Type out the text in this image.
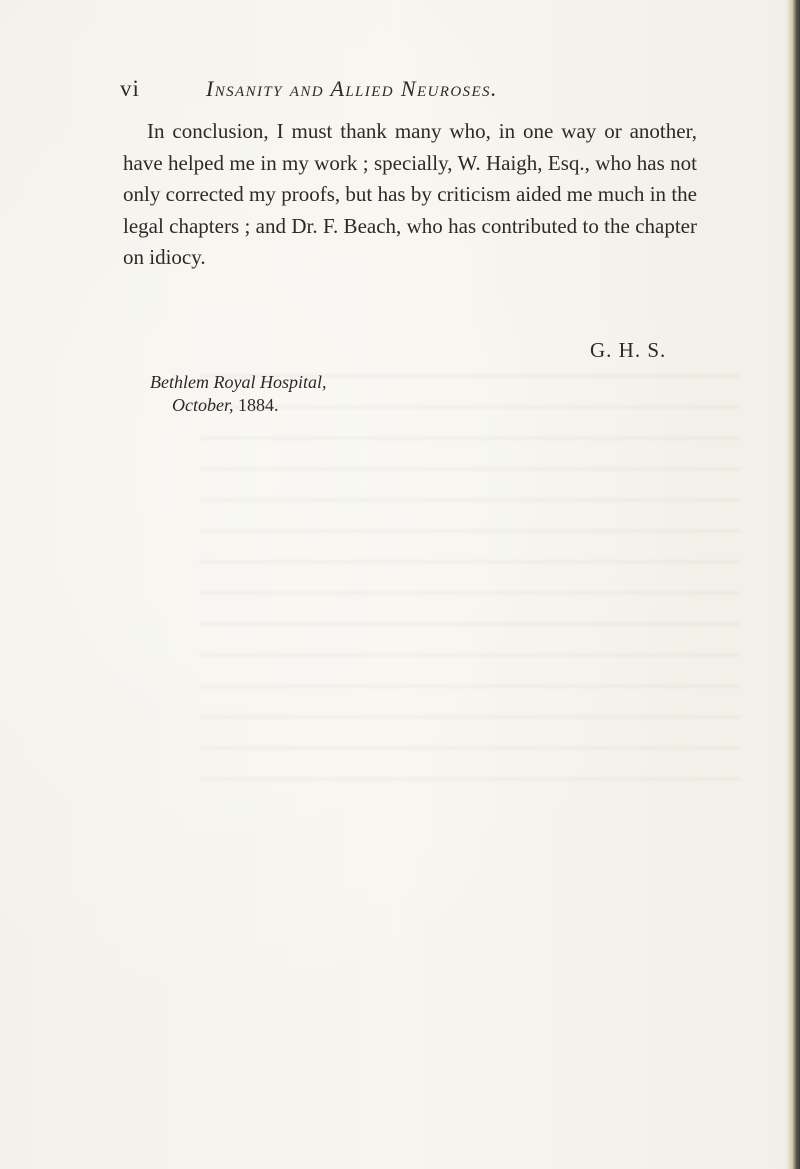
vi	Insanity and Allied Neuroses.

In conclusion, I must thank many who, in one way or another, have helped me in my work ; specially, W. Haigh, Esq., who has not only corrected my proofs, but has by criticism aided me much in the legal chapters ; and Dr. F. Beach, who has contributed to the chapter on idiocy.

G. H. S.
Bethlem Royal Hospital,
October, 1884.
